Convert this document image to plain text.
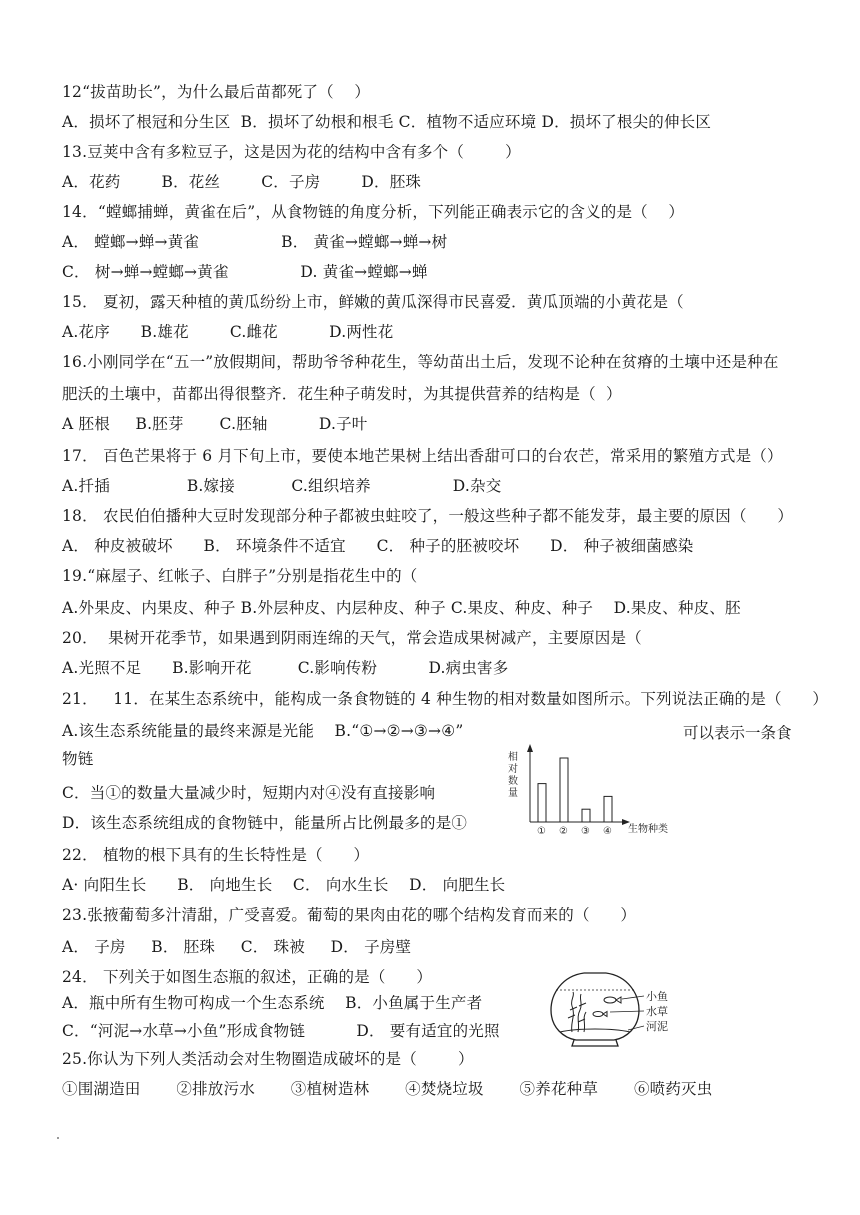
12“拔苗助长”，为什么最后苗都死了（    ）
A．损坏了根冠和分生区  B．损坏了幼根和根毛 C．植物不适应环境 D．损坏了根尖的伸长区
13.豆荚中含有多粒豆子，这是因为花的结构中含有多个（        ）
A．花药        B．花丝        C．子房        D．胚珠
14．“螳螂捕蝉，黄雀在后”，从食物链的角度分析，下列能正确表示它的含义的是（    ）
A． 螳螂→蝉→黄雀                B． 黄雀→螳螂→蝉→树
C． 树→蝉→螳螂→黄雀              D. 黄雀→螳螂→蝉
15． 夏初，露天种植的黄瓜纷纷上市，鲜嫩的黄瓜深得市民喜爱．黄瓜顶端的小黄花是（
A.花序      B.雄花        C.雌花          D.两性花
16.小刚同学在“五一”放假期间，帮助爷爷种花生，等幼苗出土后，发现不论种在贫瘠的土壤中还是种在
肥沃的土壤中，苗都出得很整齐．花生种子萌发时，为其提供营养的结构是（  ）
A 胚根     B.胚芽       C.胚轴          D.子叶
17． 百色芒果将于 6 月下旬上市，要使本地芒果树上结出香甜可口的台农芒，常采用的繁殖方式是（）
A.扦插               B.嫁接           C.组织培养                D.杂交
18． 农民伯伯播种大豆时发现部分种子都被虫蛀咬了，一般这些种子都不能发芽，最主要的原因（      ）
A． 种皮被破坏      B． 环境条件不适宜      C． 种子的胚被咬坏      D． 种子被细菌感染
19.“麻屋子、红帐子、白胖子”分别是指花生中的（
A.外果皮、内果皮、种子 B.外层种皮、内层种皮、种子 C.果皮、种皮、种子    D.果皮、种皮、胚
20．  果树开花季节，如果遇到阴雨连绵的天气，常会造成果树减产，主要原因是（
A.光照不足      B.影响开花         C.影响传粉          D.病虫害多
21．   11．在某生态系统中，能构成一条食物链的 4 种生物的相对数量如图所示。下列说法正确的是（      ）
A.该生态系统能量的最终来源是光能    B.“①→②→③→④”
物链
C．当①的数量大量减少时，短期内对④没有直接影响
D．该生态系统组成的食物链中，能量所占比例最多的是①
22． 植物的根下具有的生长特性是（      ）
A· 向阳生长      B． 向地生长    C． 向水生长    D． 向肥生长
23.张掖葡萄多汁清甜，广受喜爱。葡萄的果肉由花的哪个结构发育而来的（      ）
A． 子房     B． 胚珠     C． 珠被     D． 子房壁
24． 下列关于如图生态瓶的叙述，正确的是（      ）
A．瓶中所有生物可构成一个生态系统    B．小鱼属于生产者
C．“河泥→水草→小鱼”形成食物链          D． 要有适宜的光照
25.你认为下列人类活动会对生物圈造成破坏的是（        ）
①围湖造田       ②排放污水       ③植树造林       ④焚烧垃圾       ⑤养花种草       ⑥喷药灭虫
可以表示一条食
相对数量
① ② ③ ④ 生物种类
小鱼
水草
河泥
